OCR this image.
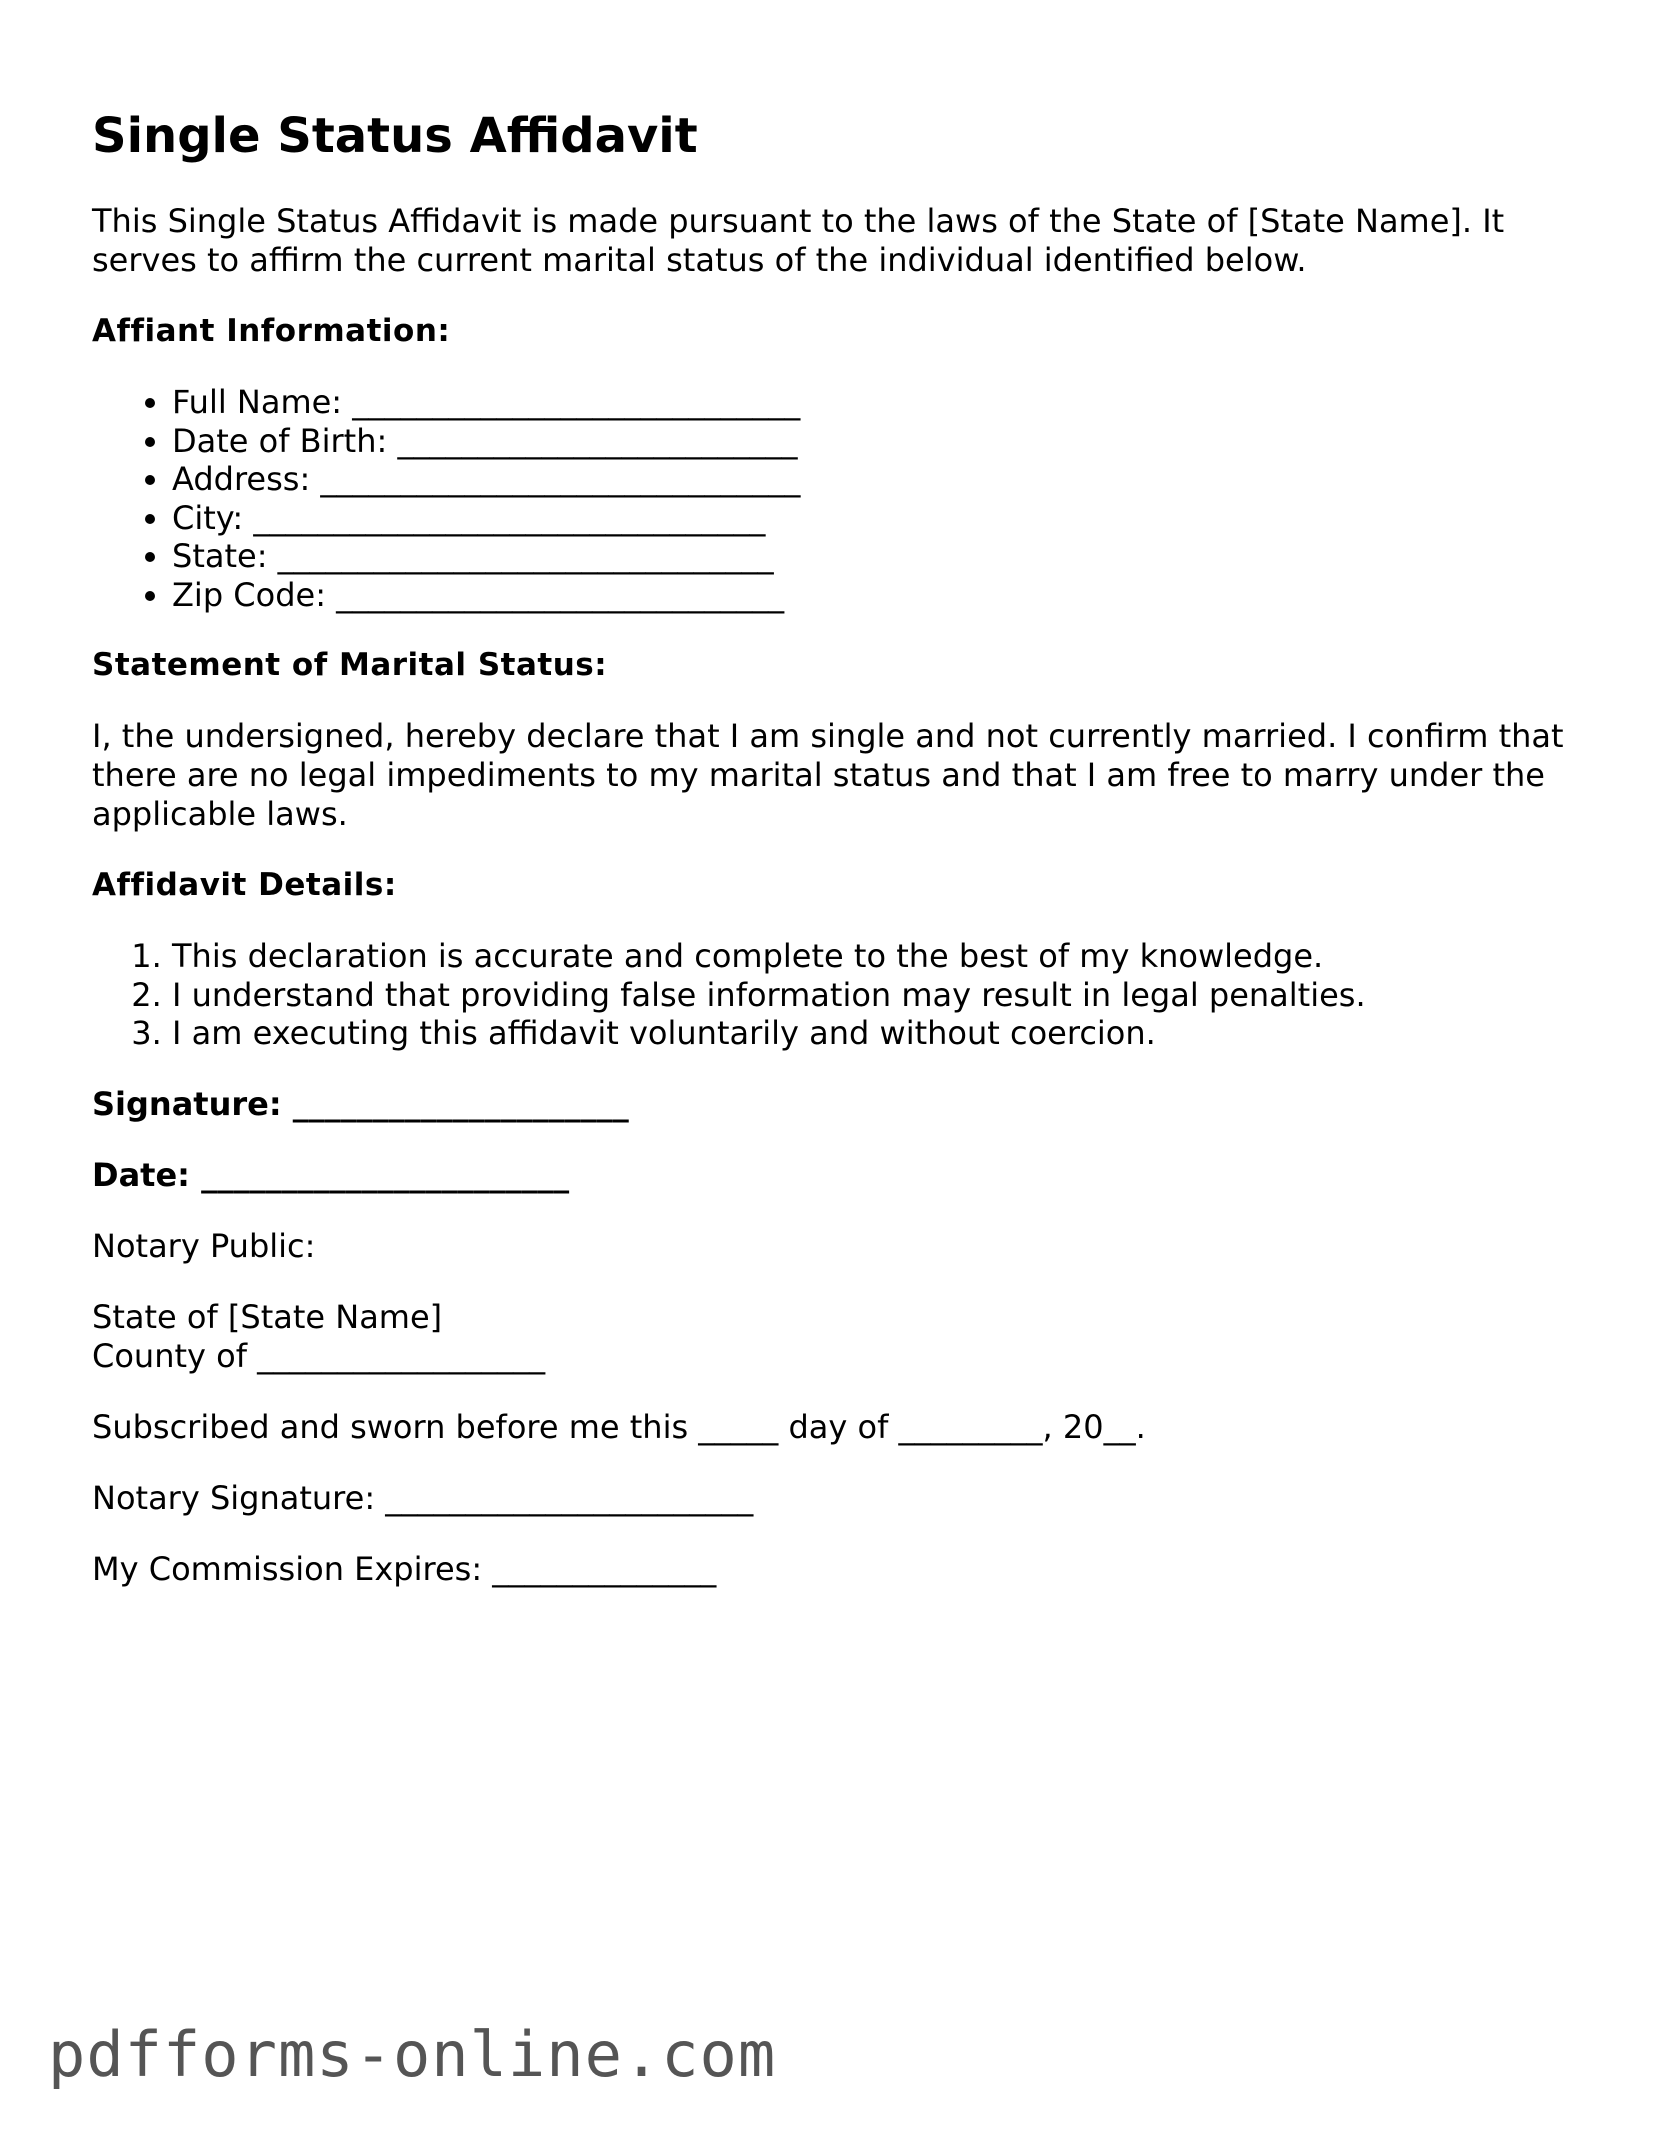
Single Status Affidavit

This Single Status Affidavit is made pursuant to the laws of the State of [State Name]. It serves to affirm the current marital status of the individual identified below.

Affiant Information:
• Full Name: ____________________________
• Date of Birth: _________________________
• Address: ______________________________
• City: ________________________________
• State: _______________________________
• Zip Code: ____________________________
Statement of Marital Status:

I, the undersigned, hereby declare that I am single and not currently married. I confirm that there are no legal impediments to my marital status and that I am free to marry under the applicable laws.

Affidavit Details:
1. This declaration is accurate and complete to the best of my knowledge.
2. I understand that providing false information may result in legal penalties.
3. I am executing this affidavit voluntarily and without coercion.

Signature: _____________________

Date: _______________________

Notary Public:

State of [State Name]
County of __________________

Subscribed and sworn before me this _____ day of _________, 20__.

Notary Signature: _______________________

My Commission Expires: ______________

pdfforms-online.com
